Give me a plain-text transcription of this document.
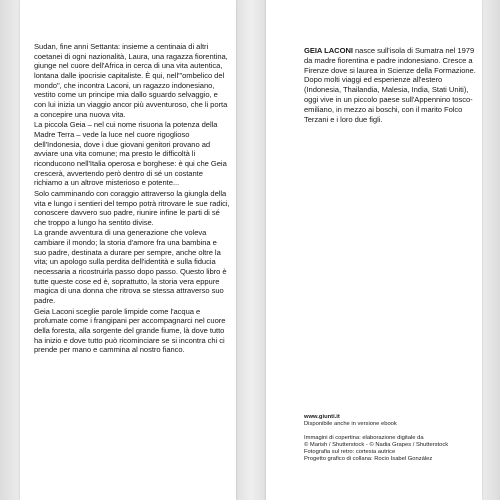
Sudan, fine anni Settanta: insieme a centinaia di altri coetanei di ogni nazionalità, Laura, una ragazza fiorentina, giunge nel cuore dell'Africa in cerca di una vita autentica, lontana dalle ipocrisie capitaliste. È qui, nell'"ombelico del mondo", che incontra Laconi, un ragazzo indonesiano, vestito come un principe mia dallo sguardo selvaggio, e con lui inizia un viaggio ancor più avventuroso, che li porta a concepire una nuova vita.

La piccola Geia – nel cui nome risuona la potenza della Madre Terra – vede la luce nel cuore rigoglioso dell'Indonesia, dove i due giovani genitori provano ad avviare una vita comune; ma presto le difficoltà li riconducono nell'Italia operosa e borghese: è qui che Geia crescerà, avvertendo però dentro di sé un costante richiamo a un altrove misterioso e potente...

Solo camminando con coraggio attraverso la giungla della vita e lungo i sentieri del tempo potrà ritrovare le sue radici, conoscere davvero suo padre, riunire infine le parti di sé che troppo a lungo ha sentito divise.

La grande avventura di una generazione che voleva cambiare il mondo; la storia d'amore fra una bambina e suo padre, destinata a durare per sempre, anche oltre la vita; un apologo sulla perdita dell'identità e sulla fiducia necessaria a ricostruirla passo dopo passo. Questo libro è tutte queste cose ed è, soprattutto, la storia vera eppure magica di una donna che ritrova se stessa attraverso suo padre.

Geia Laconi sceglie parole limpide come l'acqua e profumate come i frangipani per accompagnarci nel cuore della foresta, alla sorgente del grande fiume, là dove tutto ha inizio e dove tutto può ricominciare se si incontra chi ci prende per mano e cammina al nostro fianco.

GEIA LACONI nasce sull'isola di Sumatra nel 1979 da madre fiorentina e padre indonesiano. Cresce a Firenze dove si laurea in Scienze della Formazione.

Dopo molti viaggi ed esperienze all'estero (Indonesia, Thailandia, Malesia, India, Stati Uniti), oggi vive in un piccolo paese sull'Appennino tosco-emiliano, in mezzo ai boschi, con il marito Folco Terzani e i loro due figli.

www.giunti.it
Disponibile anche in versione ebook
Immagini di copertina: elaborazione digitale da
© Marish / Shutterstock - © Nadia Grapes / Shutterstock
Fotografia sul retro: cortesia autrice
Progetto grafico di collana: Rocio Isabel González
